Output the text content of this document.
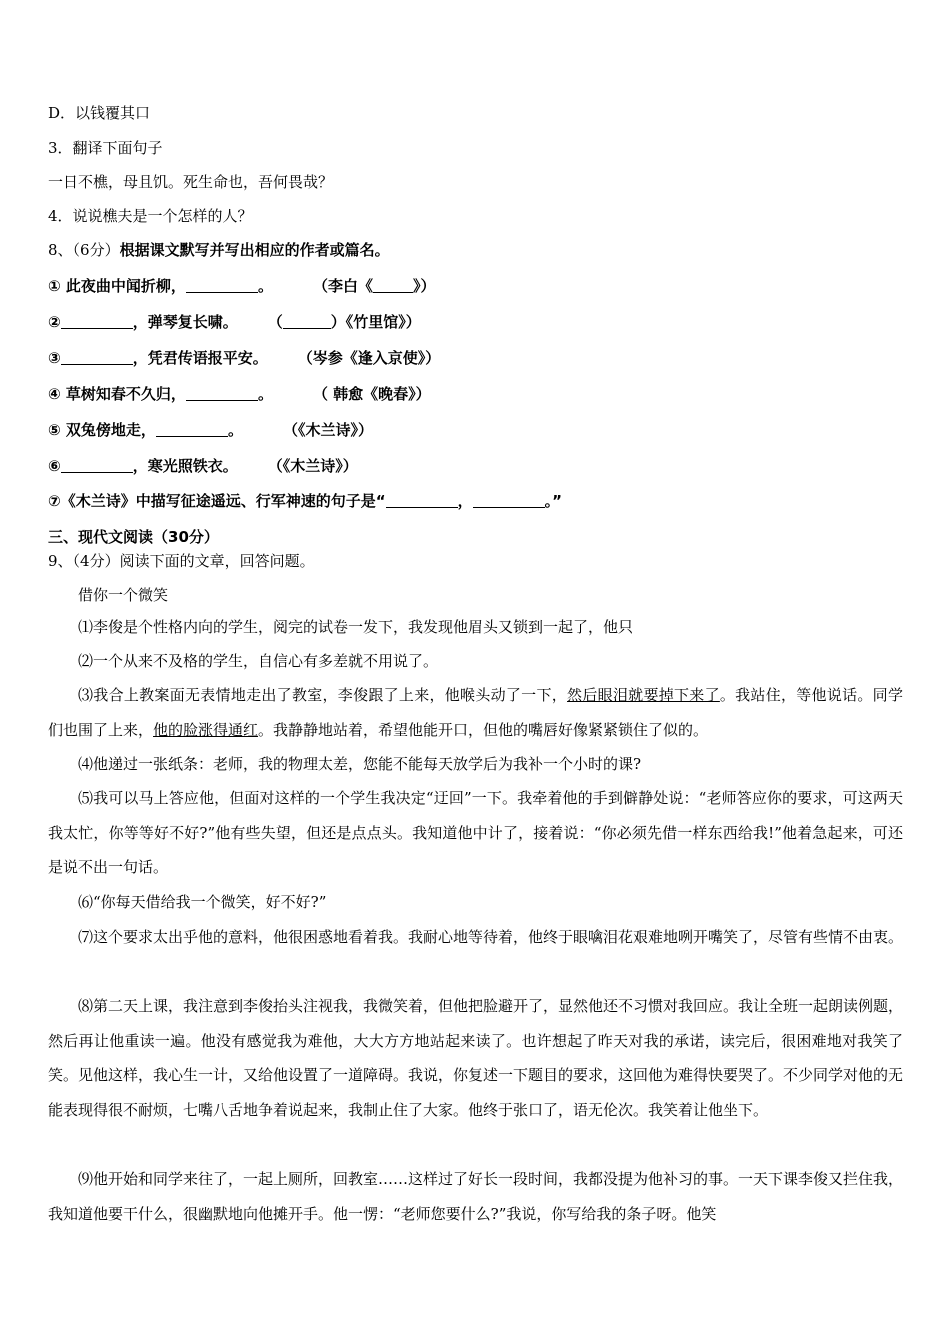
D．以钱覆其口
3．翻译下面句子
一日不樵，母且饥。死生命也，吾何畏哉？
4．说说樵夫是一个怎样的人？
8、（6分）根据课文默写并写出相应的作者或篇名。
① 此夜曲中闻折柳，	。	（李白《	》）
②	，弹琴复长啸。 （	）《竹里馆》）
③	，凭君传语报平安。 （岑参《逢入京使》）
④ 草树知春不久归，	。	（ 韩愈《晚春》）
⑤ 双兔傍地走，	。	（《木兰诗》）
⑥	，寒光照铁衣。 （《木兰诗》）
⑦《木兰诗》中描写征途遥远、行军神速的句子是“	，	。”
三、现代文阅读（30分）
9、（4分）阅读下面的文章，回答问题。
借你一个微笑
⑴李俊是个性格内向的学生，阅完的试卷一发下，我发现他眉头又锁到一起了，他只
⑵一个从来不及格的学生，自信心有多差就不用说了。
⑶我合上教案面无表情地走出了教室，李俊跟了上来，他喉头动了一下，然后眼泪就要掉下来了。我站住，等他说话。同学们也围了上来，他的脸涨得通红。我静静地站着，希望他能开口，但他的嘴唇好像紧紧锁住了似的。
⑷他递过一张纸条：老师，我的物理太差，您能不能每天放学后为我补一个小时的课?
⑸我可以马上答应他，但面对这样的一个学生我决定“迂回”一下。我牵着他的手到僻静处说：“老师答应你的要求，可这两天我太忙，你等等好不好?”他有些失望，但还是点点头。我知道他中计了，接着说：“你必须先借一样东西给我!”他着急起来，可还是说不出一句话。
⑹“你每天借给我一个微笑，好不好?”
⑺这个要求太出乎他的意料，他很困惑地看着我。我耐心地等待着，他终于眼噙泪花艰难地咧开嘴笑了，尽管有些情不由衷。
⑻第二天上课，我注意到李俊抬头注视我，我微笑着，但他把脸避开了，显然他还不习惯对我回应。我让全班一起朗读例题，然后再让他重读一遍。他没有感觉我为难他，大大方方地站起来读了。也许想起了昨天对我的承诺，读完后，很困难地对我笑了笑。见他这样，我心生一计，又给他设置了一道障碍。我说，你复述一下题目的要求，这回他为难得快要哭了。不少同学对他的无能表现得很不耐烦，七嘴八舌地争着说起来，我制止住了大家。他终于张口了，语无伦次。我笑着让他坐下。
⑼他开始和同学来往了，一起上厕所，回教室……这样过了好长一段时间，我都没提为他补习的事。一天下课李俊又拦住我，我知道他要干什么，很幽默地向他摊开手。他一愣：“老师您要什么?”我说，你写给我的条子呀。他笑
